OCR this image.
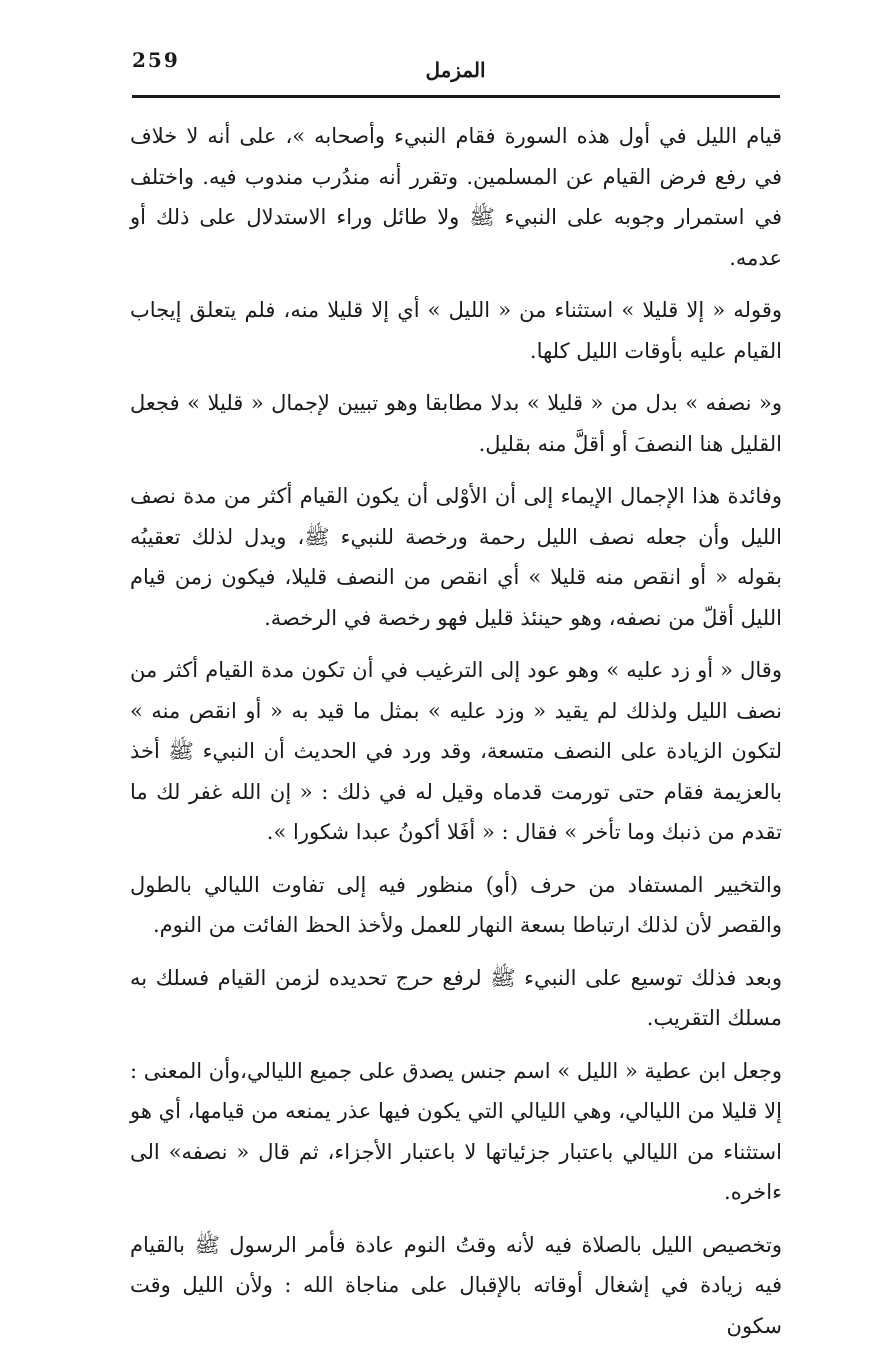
259	المزمل

قيام الليل في أول هذه السورة فقام النبيء وأصحابه »، على أنه لا خلاف في رفع فرض القيام عن المسلمين. وتقرر أنه مندُرب مندوب فيه. واختلف في استمرار وجوبه على النبيء ﷺ ولا طائل وراء الاستدلال على ذلك أو عدمه.

وقوله « إلا قليلا » استثناء من « الليل » أي إلا قليلا منه، فلم يتعلق إيجاب القيام عليه بأوقات الليل كلها.

و« نصفه » بدل من « قليلا » بدلا مطابقا وهو تبيين لإجمال « قليلا » فجعل القليل هنا النصفَ أو أقلَّ منه بقليل.

وفائدة هذا الإجمال الإيماء إلى أن الأوْلى أن يكون القيام أكثر من مدة نصف الليل وأن جعله نصف الليل رحمة ورخصة للنبيء ﷺ، ويدل لذلك تعقيبُه بقوله « أو انقص منه قليلا » أي انقص من النصف قليلا، فيكون زمن قيام الليل أقلّ من نصفه، وهو حينئذ قليل فهو رخصة في الرخصة.

وقال « أو زد عليه » وهو عود إلى الترغيب في أن تكون مدة القيام أكثر من نصف الليل ولذلك لم يقيد « وزد عليه » بمثل ما قيد به « أو انقص منه » لتكون الزيادة على النصف متسعة، وقد ورد في الحديث أن النبيء ﷺ أخذ بالعزيمة فقام حتى تورمت قدماه وقيل له في ذلك : « إن الله غفر لك ما تقدم من ذنبك وما تأخر » فقال : « أفَلا أكونُ عبدا شكورا ».

والتخيير المستفاد من حرف (أو) منظور فيه إلى تفاوت الليالي بالطول والقصر لأن لذلك ارتباطا بسعة النهار للعمل ولأخذ الحظ الفائت من النوم.

وبعد فذلك توسيع على النبيء ﷺ لرفع حرج تحديده لزمن القيام فسلك به مسلك التقريب.

وجعل ابن عطية « الليل » اسم جنس يصدق على جميع الليالي،وأن المعنى : إلا قليلا من الليالي، وهي الليالي التي يكون فيها عذر يمنعه من قيامها، أي هو استثناء من الليالي باعتبار جزئياتها لا باعتبار الأجزاء، ثم قال « نصفه» الى ءاخره.

وتخصيص الليل بالصلاة فيه لأنه وقتُ النوم عادة فأمر الرسول ﷺ بالقيام فيه زيادة في إشغال أوقاته بالإقبال على مناجاة الله : ولأن الليل وقت سكون
